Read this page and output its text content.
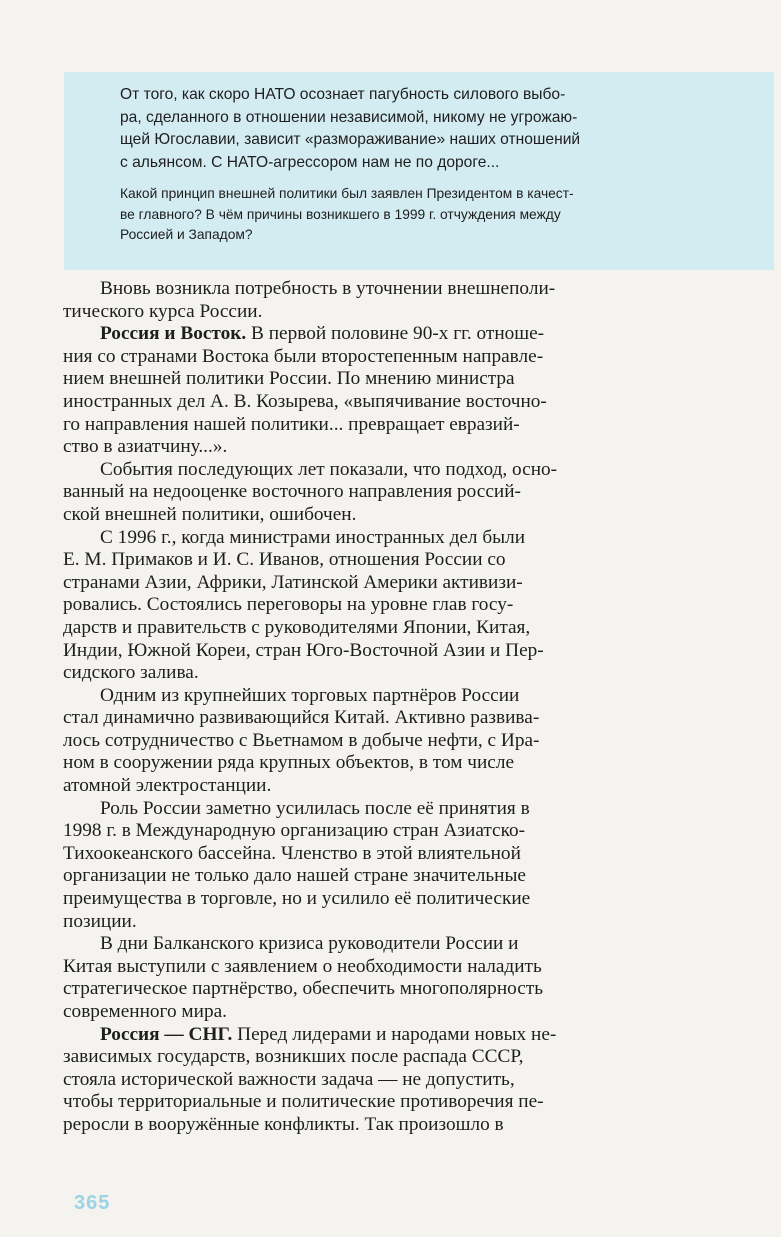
От того, как скоро НАТО осознает пагубность силового выбо-
ра, сделанного в отношении независимой, никому не угрожаю-
щей Югославии, зависит «размораживание» наших отношений
с альянсом. С НАТО-агрессором нам не по дороге...

Какой принцип внешней политики был заявлен Президентом в качест-
ве главного? В чём причины возникшего в 1999 г. отчуждения между
Россией и Западом?

Вновь возникла потребность в уточнении внешнеполи-
тического курса России.

Россия и Восток. В первой половине 90-х гг. отноше-
ния со странами Востока были второстепенным направле-
нием внешней политики России. По мнению министра
иностранных дел А. В. Козырева, «выпячивание восточно-
го направления нашей политики... превращает евразий-
ство в азиатчину...».

События последующих лет показали, что подход, осно-
ванный на недооценке восточного направления россий-
ской внешней политики, ошибочен.

С 1996 г., когда министрами иностранных дел были
Е. М. Примаков и И. С. Иванов, отношения России со
странами Азии, Африки, Латинской Америки активизи-
ровались. Состоялись переговоры на уровне глав госу-
дарств и правительств с руководителями Японии, Китая,
Индии, Южной Кореи, стран Юго-Восточной Азии и Пер-
сидского залива.

Одним из крупнейших торговых партнёров России
стал динамично развивающийся Китай. Активно развива-
лось сотрудничество с Вьетнамом в добыче нефти, с Ира-
ном в сооружении ряда крупных объектов, в том числе
атомной электростанции.

Роль России заметно усилилась после её принятия в
1998 г. в Международную организацию стран Азиатско-
Тихоокеанского бассейна. Членство в этой влиятельной
организации не только дало нашей стране значительные
преимущества в торговле, но и усилило её политические
позиции.

В дни Балканского кризиса руководители России и
Китая выступили с заявлением о необходимости наладить
стратегическое партнёрство, обеспечить многополярность
современного мира.

Россия — СНГ. Перед лидерами и народами новых не-
зависимых государств, возникших после распада СССР,
стояла исторической важности задача — не допустить,
чтобы территориальные и политические противоречия пе-
реросли в вооружённые конфликты. Так произошло в

365
